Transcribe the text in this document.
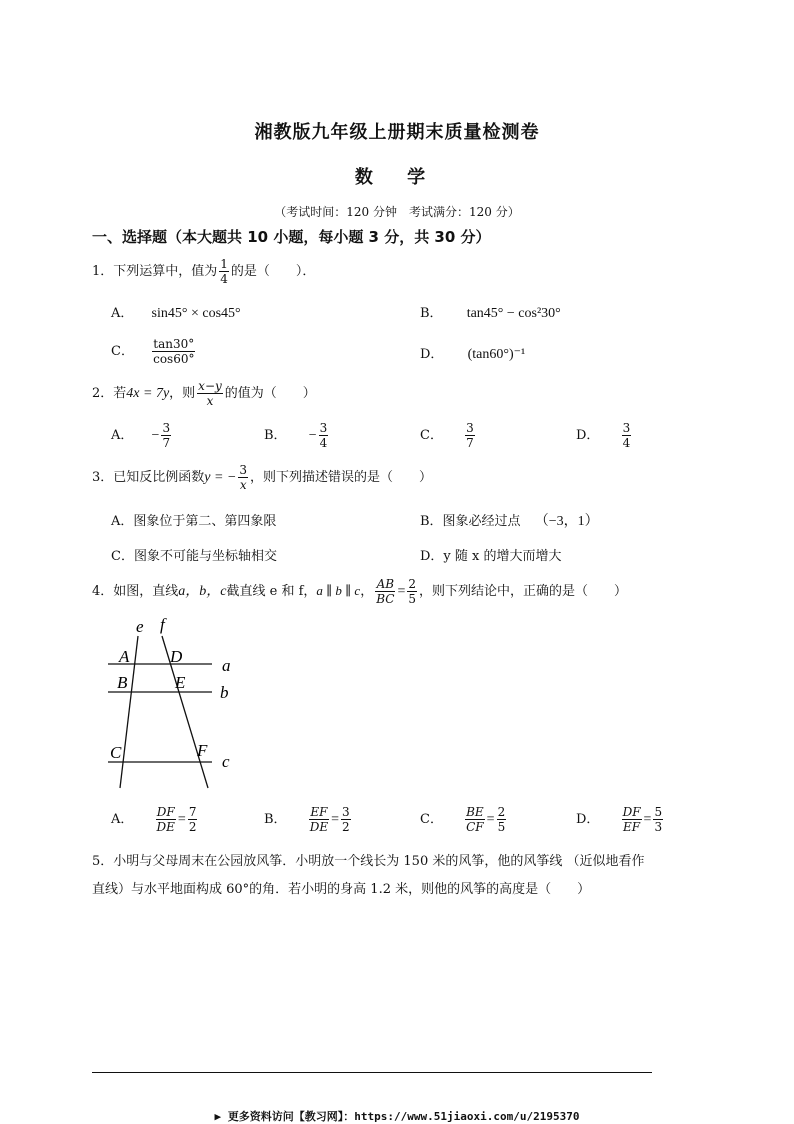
湘教版九年级上册期末质量检测卷
数 学
（考试时间：120 分钟　考试满分：120 分）
一、选择题（本大题共 10 小题，每小题 3 分，共 30 分）
1．下列运算中，值为 $\frac{1}{4}$ 的是（　　）．
A． sin45° × cos45°	B． tan45° − cos²30°
C． $\frac{\tan 30^\circ}{\cos 60^\circ}$	D． (tan60°)⁻¹
2．若4x = 7y，则 $\frac{x-y}{x}$ 的值为（　　）
A． − $\frac{3}{7}$	B． − $\frac{3}{4}$	C． $\frac{3}{7}$	D． $\frac{3}{4}$
3．已知反比例函数y = − $\frac{3}{x}$ ，则下列描述错误的是（　　）
A．图象位于第二、第四象限	B．图象必经过点 （−3，1）
C．图象不可能与坐标轴相交	D．y 随 x 的增大而增大
4．如图，直线a，b，c截直线 e 和 f，a ∥ b ∥ c， $\frac{AB}{BC} = \frac{2}{5}$ ，则下列结论中，正确的是（　　）
e f
A D a
B	E
b
C	F
c
A． $\frac{DF}{DE} = \frac{7}{2}$	B． $\frac{EF}{DE} = \frac{3}{2}$	C． $\frac{BE}{CF} = \frac{2}{5}$	D． $\frac{DF}{EF} = \frac{5}{3}$
5．小明与父母周末在公园放风筝．小明放一个线长为 150 米的风筝，他的风筝线 （近似地看作
直线）与水平地面构成 60°的角．若小明的身高 1.2 米，则他的风筝的高度是（　　）
▶ 更多资料访问【教习网】：https://www.51jiaoxi.com/u/2195370
